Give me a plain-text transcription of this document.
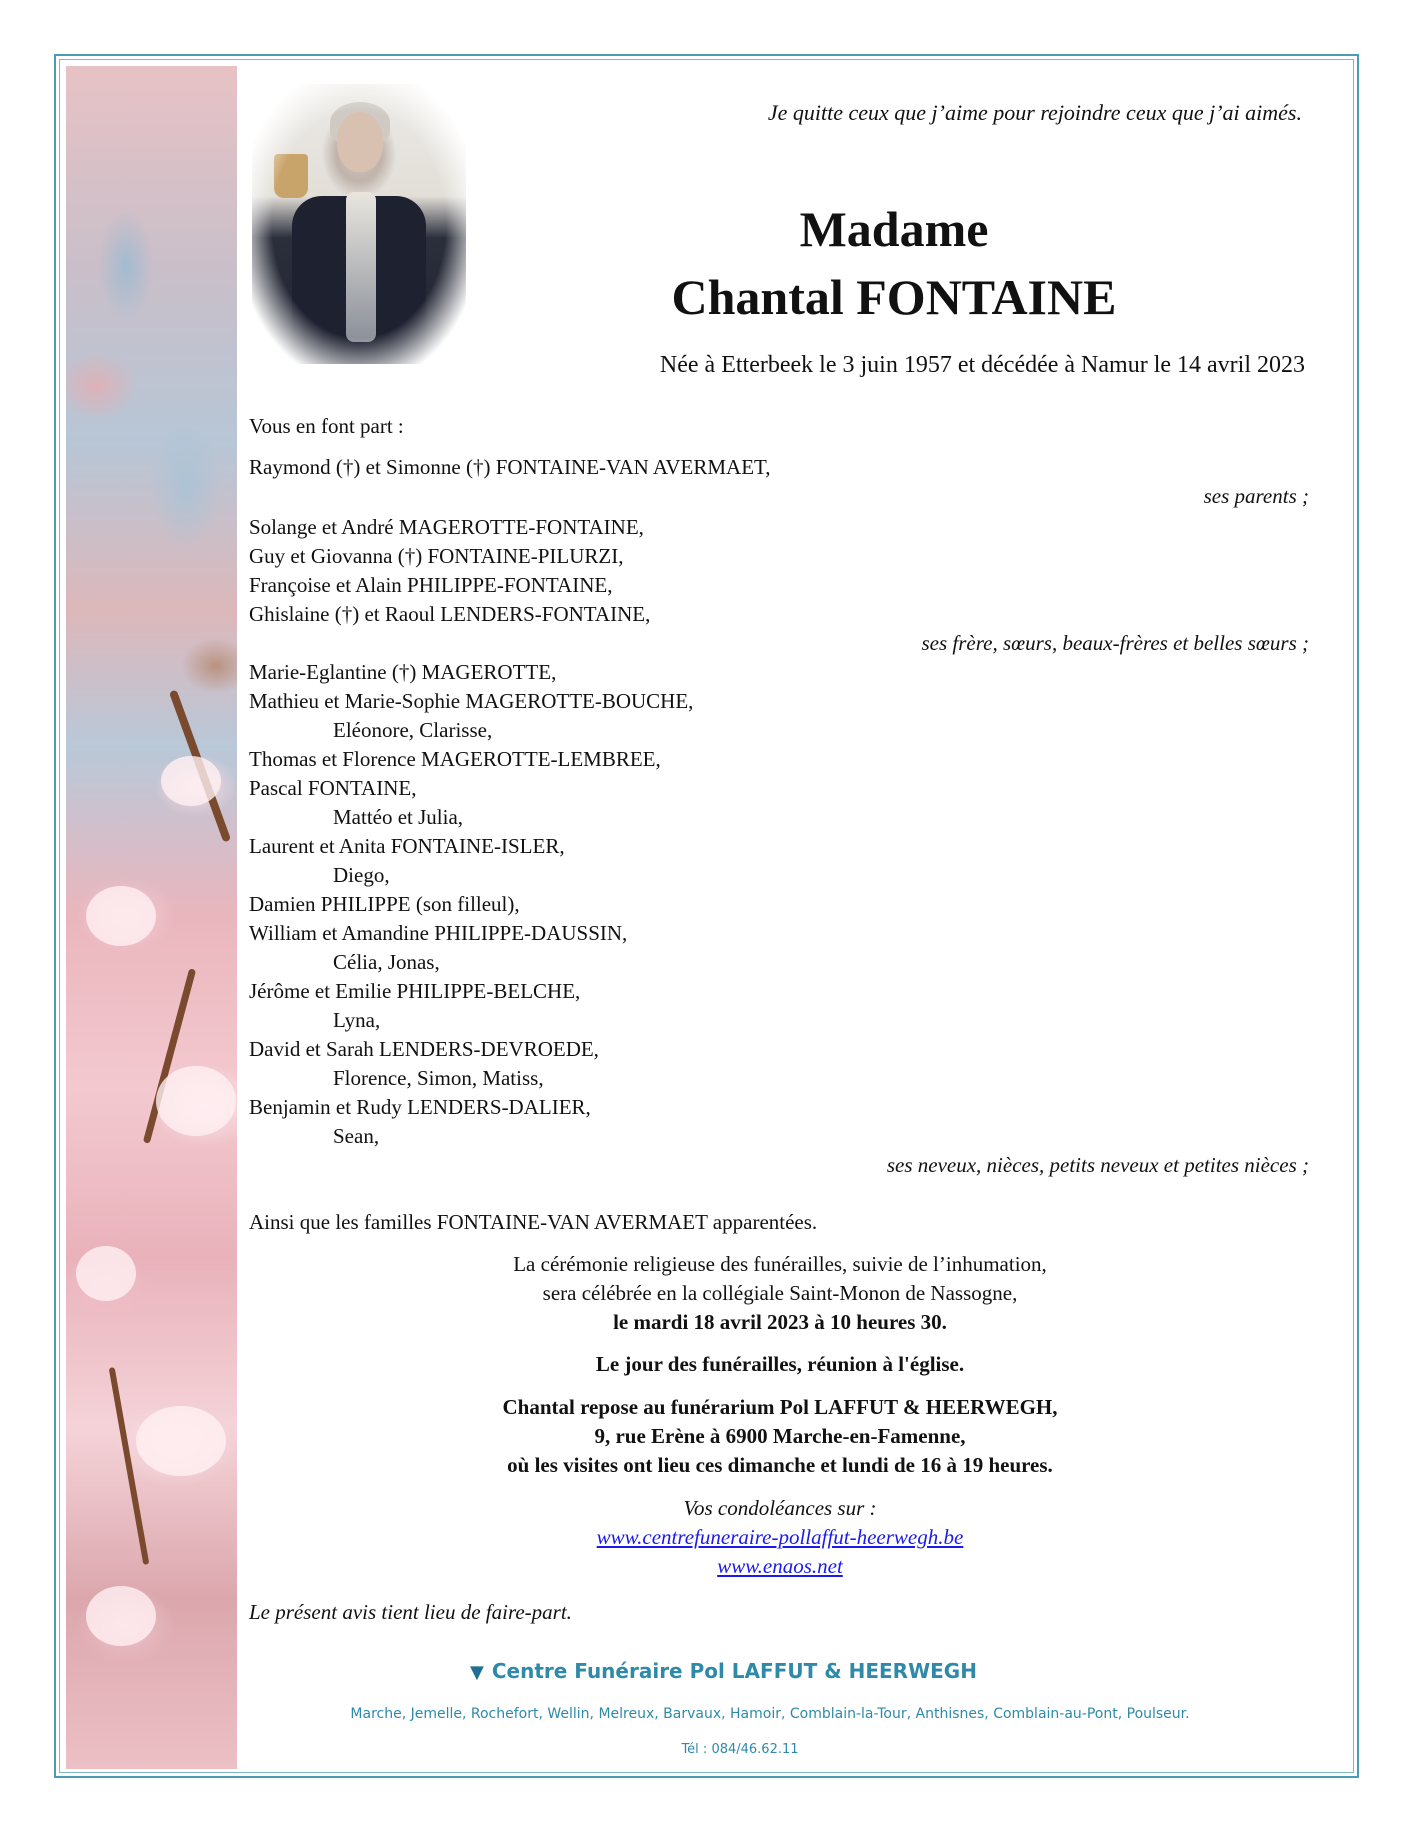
Je quitte ceux que j’aime pour rejoindre ceux que j’ai aimés.
Madame
Chantal FONTAINE
Née à Etterbeek le 3 juin 1957 et décédée à Namur le 14 avril 2023
Vous en font part :
Raymond (†) et Simonne (†) FONTAINE-VAN AVERMAET,
ses parents ;
Solange et André MAGEROTTE-FONTAINE,
Guy et Giovanna (†) FONTAINE-PILURZI,
Françoise et Alain PHILIPPE-FONTAINE,
Ghislaine (†) et Raoul LENDERS-FONTAINE,
ses frère, sœurs, beaux-frères et belles sœurs ;
Marie-Eglantine (†) MAGEROTTE,
Mathieu et Marie-Sophie MAGEROTTE-BOUCHE,
Eléonore, Clarisse,
Thomas et Florence MAGEROTTE-LEMBREE,
Pascal FONTAINE,
Mattéo et Julia,
Laurent et Anita FONTAINE-ISLER,
Diego,
Damien PHILIPPE (son filleul),
William et Amandine PHILIPPE-DAUSSIN,
Célia, Jonas,
Jérôme et Emilie PHILIPPE-BELCHE,
Lyna,
David et Sarah LENDERS-DEVROEDE,
Florence, Simon, Matiss,
Benjamin et Rudy LENDERS-DALIER,
Sean,
ses neveux, nièces, petits neveux et petites nièces ;
Ainsi que les familles FONTAINE-VAN AVERMAET apparentées.
La cérémonie religieuse des funérailles, suivie de l’inhumation,
sera célébrée en la collégiale Saint-Monon de Nassogne,
le mardi 18 avril 2023 à 10 heures 30.
Le jour des funérailles, réunion à l'église.
Chantal repose au funérarium Pol LAFFUT & HEERWEGH,
9, rue Erène à 6900 Marche-en-Famenne,
où les visites ont lieu ces dimanche et lundi de 16 à 19 heures.
Vos condoléances sur :
www.centrefuneraire-pollaffut-heerwegh.be
www.enaos.net
Le présent avis tient lieu de faire-part.
▼ Centre Funéraire Pol LAFFUT & HEERWEGH
Marche, Jemelle, Rochefort, Wellin, Melreux, Barvaux, Hamoir, Comblain-la-Tour, Anthisnes, Comblain-au-Pont, Poulseur.
Tél : 084/46.62.11
